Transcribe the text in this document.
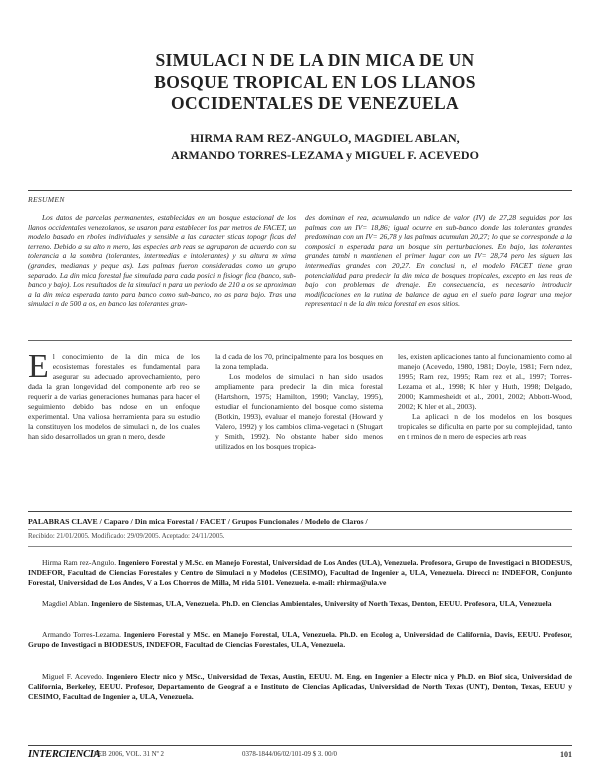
SIMULACI N DE LA DIN MICA DE UN
BOSQUE TROPICAL EN LOS LLANOS
OCCIDENTALES DE VENEZUELA
HIRMA RAM REZ-ANGULO, MAGDIEL ABLAN,
ARMANDO TORRES-LEZAMA y MIGUEL F. ACEVEDO
RESUMEN

Los datos de parcelas permanentes, establecidas en un bosque estacional de los llanos occidentales venezolanos, se usaron para establecer los par metros de FACET, un modelo basado en rboles individuales y sensible a las caracter sticas topogr ficas del terreno. Debido a su alto n mero, las especies arb reas se agruparon de acuerdo con su tolerancia a la sombra (tolerantes, intermedias e intolerantes) y su altura m xima (grandes, medianas y peque as). Las palmas fueron consideradas como un grupo separado. La din mica forestal fue simulada para cada posici n fisiogr fica (banco, sub-banco y bajo). Los resultados de la simulaci n para un periodo de 210 a os se aproximan a la din mica esperada tanto para banco como sub-banco, no as para bajo. Tras una simulaci n de 500 a os, en banco las tolerantes gran-

des dominan el rea, acumulando un ndice de valor (IV) de 27,28 seguidas por las palmas con un IV= 18,86; igual ocurre en sub-banco donde las tolerantes grandes predominan con un IV= 26,78 y las palmas acumulan 20,27; lo que se corresponde a la composici n esperada para un bosque sin perturbaciones. En bajo, las tolerantes grandes tambi n mantienen el primer lugar con un IV= 28,74 pero les siguen las intermedias grandes con 20,27. En conclusi n, el modelo FACET tiene gran potencialidad para predecir la din mica de bosques tropicales, excepto en las reas de bajo con problemas de drenaje. En consecuencia, es necesario introducir modificaciones en la rutina de balance de agua en el suelo para lograr una mejor representaci n de la din mica forestal en esos sitios.

El conocimiento de la din mica de los ecosistemas forestales es fundamental para asegurar su adecuado aprovechamiento, pero dada la gran longevidad del componente arb reo se requerir a de varias generaciones humanas para hacer el seguimiento debido bas ndose en un enfoque experimental. Una valiosa herramienta para su estudio la constituyen los modelos de simulaci n, de los cuales han sido desarrollados un gran n mero, desde

la d cada de los 70, principalmente para los bosques en la zona templada.

Los modelos de simulaci n han sido usados ampliamente para predecir la din mica forestal (Hartshorn, 1975; Hamilton, 1990; Vanclay, 1995), estudiar el funcionamiento del bosque como sistema (Botkin, 1993), evaluar el manejo forestal (Howard y Valero, 1992) y los cambios clima-vegetaci n (Shugart y Smith, 1992). No obstante haber sido menos utilizados en los bosques tropica-

les, existen aplicaciones tanto al funcionamiento como al manejo (Acevedo, 1980, 1981; Doyle, 1981; Fern ndez, 1995; Ram rez, 1995; Ram rez et al., 1997; Torres-Lezama et al., 1998; K hler y Huth, 1998; Delgado, 2000; Kammesheidt et al., 2001, 2002; Abbott-Wood, 2002; K hler et al., 2003).

La aplicaci n de los modelos en los bosques tropicales se dificulta en parte por su complejidad, tanto en t rminos de n mero de especies arb reas

PALABRAS CLAVE / Caparo / Din mica Forestal / FACET / Grupos Funcionales / Modelo de Claros /
Recibido: 21/01/2005. Modificado: 29/09/2005. Aceptado: 24/11/2005.

Hirma Ram rez-Angulo. Ingeniero Forestal y M.Sc. en Manejo Forestal, Universidad de Los Andes (ULA), Venezuela. Profesora, Grupo de Investigaci n BIODESUS, INDEFOR, Facultad de Ciencias Forestales y Centro de Simulaci n y Modelos (CESIMO), Facultad de Ingenier a, ULA, Venezuela. Direcci n: INDEFOR, Conjunto Forestal, Universidad de Los Andes, V a Los Chorros de Milla, M rida 5101. Venezuela. e-mail: rhirma@ula.ve

Magdiel Ablan. Ingeniero de Sistemas, ULA, Venezuela. Ph.D. en Ciencias Ambientales, University of North Texas, Denton, EEUU. Profesora, ULA, Venezuela

Armando Torres-Lezama. Ingeniero Forestal y MSc. en Manejo Forestal, ULA, Venezuela. Ph.D. en Ecolog a, Universidad de California, Davis, EEUU. Profesor, Grupo de Investigaci n BIODESUS, INDEFOR, Facultad de Ciencias Forestales, ULA, Venezuela.

Miguel F. Acevedo. Ingeniero Electr nico y MSc., Universidad de Texas, Austin, EEUU. M. Eng. en Ingenier a Electr nica y Ph.D. en Biof sica, Universidad de California, Berkeley, EEUU. Profesor, Departamento de Geograf a e Instituto de Ciencias Aplicadas, Universidad de North Texas (UNT), Denton, Texas, EEUU y CESIMO, Facultad de Ingenier a, ULA, Venezuela.

INTERCIENCIA
FEB 2006, VOL. 31 Nº 2	0378-1844/06/02/101-09 $ 3. 00/0	101
